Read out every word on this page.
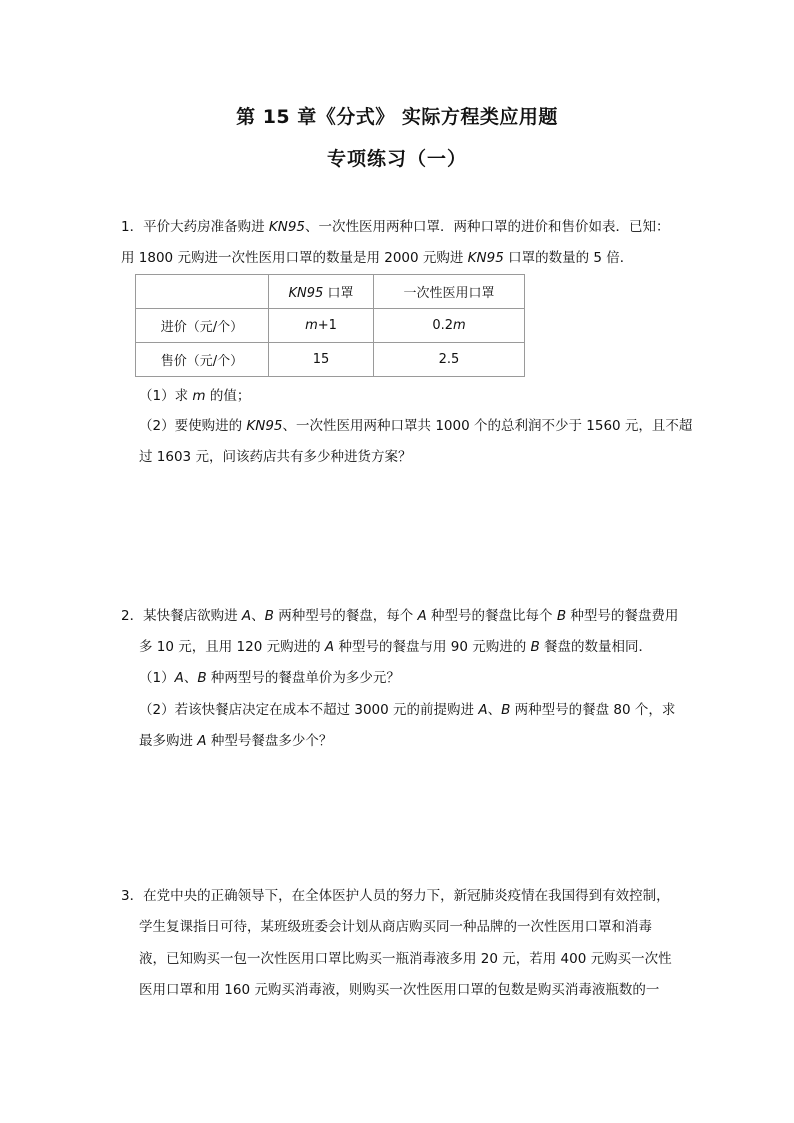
第 15 章《分式》 实际方程类应用题
专项练习（一）
1．平价大药房准备购进 KN95、一次性医用两种口罩．两种口罩的进价和售价如表．已知：
用 1800 元购进一次性医用口罩的数量是用 2000 元购进 KN95 口罩的数量的 5 倍．
	KN95 口罩	一次性医用口罩
进价（元/个）	m+1	0.2m
售价（元/个）	15	2.5
（1）求 m 的值；
（2）要使购进的 KN95、一次性医用两种口罩共 1000 个的总利润不少于 1560 元，且不超
过 1603 元，问该药店共有多少种进货方案？
2．某快餐店欲购进 A、B 两种型号的餐盘，每个 A 种型号的餐盘比每个 B 种型号的餐盘费用
多 10 元，且用 120 元购进的 A 种型号的餐盘与用 90 元购进的 B 餐盘的数量相同．
（1）A、B 种两型号的餐盘单价为多少元？
（2）若该快餐店决定在成本不超过 3000 元的前提购进 A、B 两种型号的餐盘 80 个，求
最多购进 A 种型号餐盘多少个？
3．在党中央的正确领导下，在全体医护人员的努力下，新冠肺炎疫情在我国得到有效控制，
学生复课指日可待，某班级班委会计划从商店购买同一种品牌的一次性医用口罩和消毒
液，已知购买一包一次性医用口罩比购买一瓶消毒液多用 20 元，若用 400 元购买一次性
医用口罩和用 160 元购买消毒液，则购买一次性医用口罩的包数是购买消毒液瓶数的一
